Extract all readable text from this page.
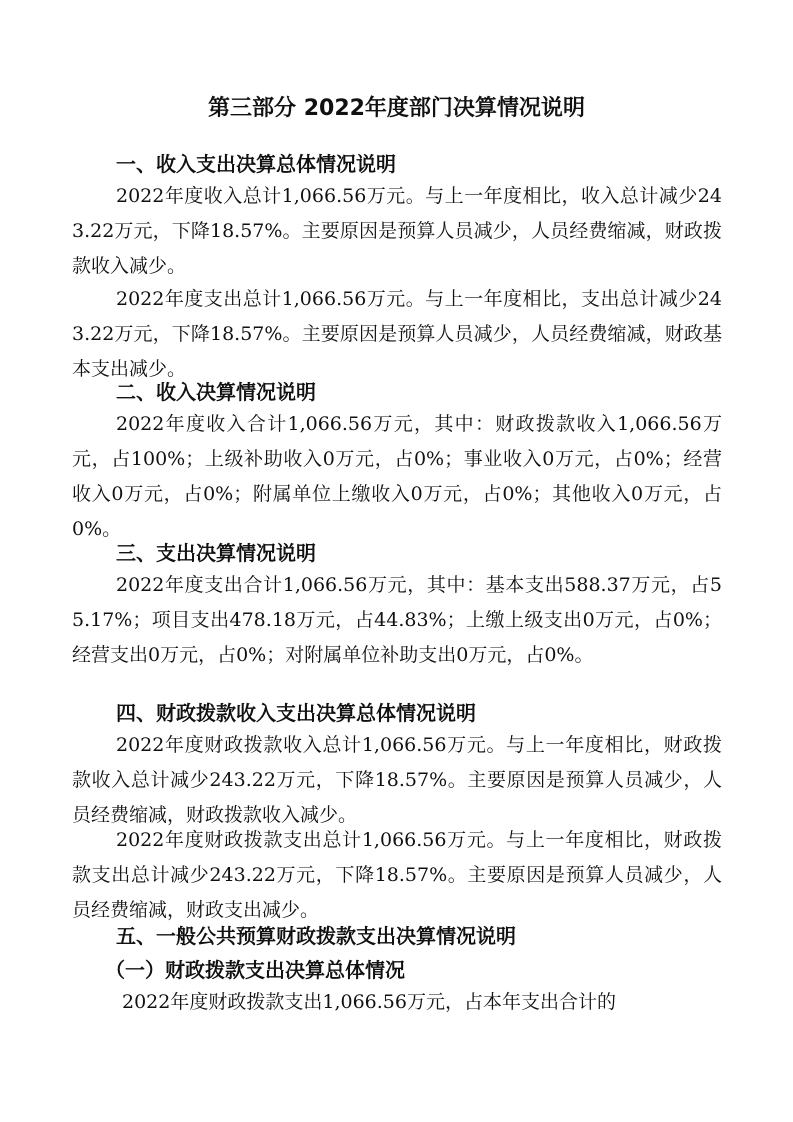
第三部分 2022年度部门决算情况说明
一、收入支出决算总体情况说明
2022年度收入总计1,066.56万元。与上一年度相比，收入总计减少243.22万元，下降18.57%。主要原因是预算人员减少，人员经费缩减，财政拨款收入减少。
2022年度支出总计1,066.56万元。与上一年度相比，支出总计减少243.22万元，下降18.57%。主要原因是预算人员减少，人员经费缩减，财政基本支出减少。
二、收入决算情况说明
2022年度收入合计1,066.56万元，其中：财政拨款收入1,066.56万元，占100%；上级补助收入0万元，占0%；事业收入0万元，占0%；经营收入0万元，占0%；附属单位上缴收入0万元，占0%；其他收入0万元，占0%。
三、支出决算情况说明
2022年度支出合计1,066.56万元，其中：基本支出588.37万元，占55.17%；项目支出478.18万元，占44.83%；上缴上级支出0万元，占0%；经营支出0万元，占0%；对附属单位补助支出0万元，占0%。
四、财政拨款收入支出决算总体情况说明
2022年度财政拨款收入总计1,066.56万元。与上一年度相比，财政拨款收入总计减少243.22万元，下降18.57%。主要原因是预算人员减少，人员经费缩减，财政拨款收入减少。
2022年度财政拨款支出总计1,066.56万元。与上一年度相比，财政拨款支出总计减少243.22万元，下降18.57%。主要原因是预算人员减少，人员经费缩减，财政支出减少。
五、一般公共预算财政拨款支出决算情况说明
（一）财政拨款支出决算总体情况
2022年度财政拨款支出1,066.56万元，占本年支出合计的
